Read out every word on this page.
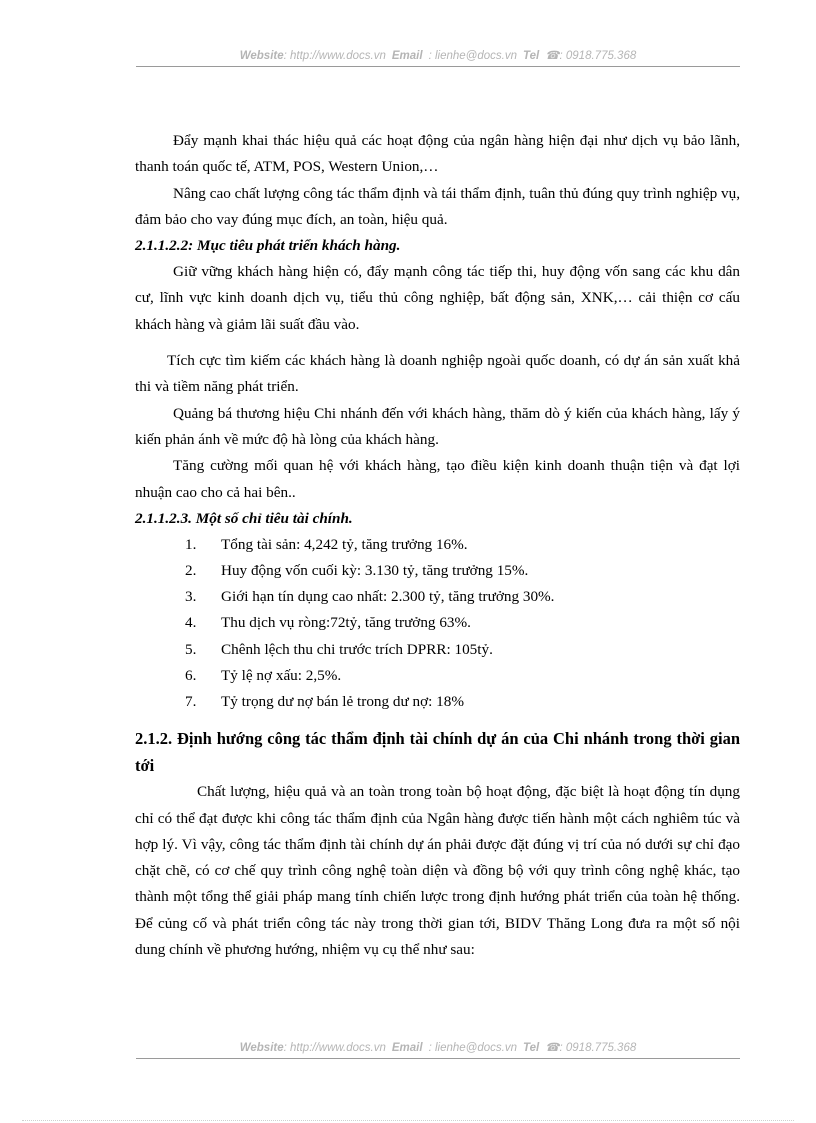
Website: http://www.docs.vn Email : lienhe@docs.vn Tel ☎: 0918.775.368

Đẩy mạnh khai thác hiệu quả các hoạt động của ngân hàng hiện đại như dịch vụ bảo lãnh, thanh toán quốc tế, ATM, POS, Western Union,…

Nâng cao chất lượng công tác thẩm định và tái thẩm định, tuân thủ đúng quy trình nghiệp vụ, đảm bảo cho vay đúng mục đích, an toàn, hiệu quả.

2.1.1.2.2: Mục tiêu phát triển khách hàng.

Giữ vững khách hàng hiện có, đẩy mạnh công tác tiếp thi, huy động vốn sang các khu dân cư, lĩnh vực kinh doanh dịch vụ, tiểu thủ công nghiệp, bất động sản, XNK,… cải thiện cơ cấu khách hàng và giảm lãi suất đầu vào.

Tích cực tìm kiếm các khách hàng là doanh nghiệp ngoài quốc doanh, có dự án sản xuất khả thi và tiềm năng phát triển.

Quảng bá thương hiệu Chi nhánh đến với khách hàng, thăm dò ý kiến của khách hàng, lấy ý kiến phản ánh về mức độ hà lòng của khách hàng.

Tăng cường mối quan hệ với khách hàng, tạo điều kiện kinh doanh thuận tiện và đạt lợi nhuận cao cho cả hai bên..

2.1.1.2.3. Một số chỉ tiêu tài chính.

1. Tổng tài sản: 4,242 tỷ, tăng trưởng 16%.
2. Huy động vốn cuối kỳ: 3.130 tỷ, tăng trưởng 15%.
3. Giới hạn tín dụng cao nhất: 2.300 tỷ, tăng trưởng 30%.
4. Thu dịch vụ ròng:72tỷ, tăng trưởng 63%.
5. Chênh lệch thu chi trước trích DPRR: 105tỷ.
6. Tỷ lệ nợ xấu: 2,5%.
7. Tỷ trọng dư nợ bán lẻ trong dư nợ: 18%

2.1.2. Định hướng công tác thẩm định tài chính dự án của Chi nhánh trong thời gian tới

Chất lượng, hiệu quả và an toàn trong toàn bộ hoạt động, đặc biệt là hoạt động tín dụng chỉ có thể đạt được khi công tác thẩm định của Ngân hàng được tiến hành một cách nghiêm túc và hợp lý. Vì vậy, công tác thẩm định tài chính dự án phải được đặt đúng vị trí của nó dưới sự chỉ đạo chặt chẽ, có cơ chế quy trình công nghệ toàn diện và đồng bộ với quy trình công nghệ khác, tạo thành một tổng thể giải pháp mang tính chiến lược trong định hướng phát triển của toàn hệ thống. Để củng cố và phát triển công tác này trong thời gian tới, BIDV Thăng Long đưa ra một số nội dung chính về phương hướng, nhiệm vụ cụ thể như sau:

Website: http://www.docs.vn Email : lienhe@docs.vn Tel ☎: 0918.775.368
